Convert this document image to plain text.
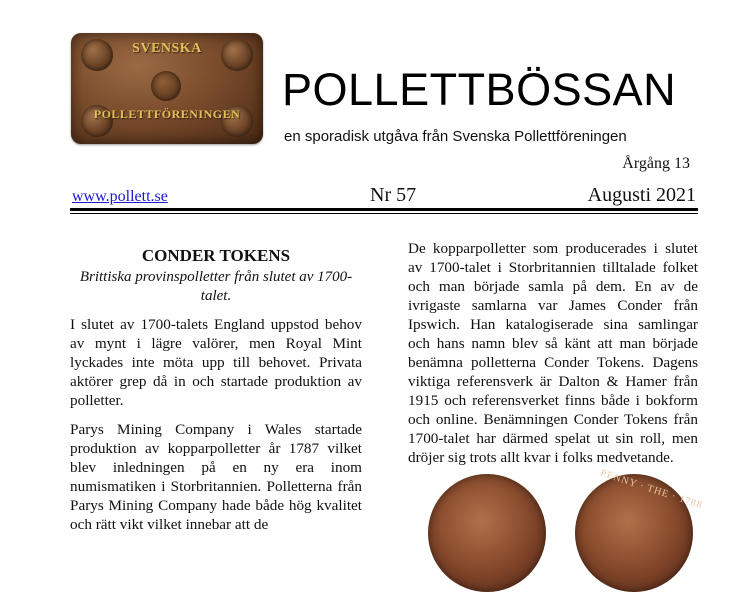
SVENSKA
POLLETTFÖRENINGEN POLLETTBÖSSAN
en sporadisk utgåva från Svenska Pollettföreningen
Årgång 13
www.pollett.se	Nr 57	Augusti 2021
CONDER TOKENS
Brittiska provinspolletter från slutet av 1700-talet.

I slutet av 1700-talets England uppstod behov av mynt i lägre valörer, men Royal Mint lyckades inte möta upp till behovet. Privata aktörer grep då in och startade produktion av polletter.

Parys Mining Company i Wales startade produktion av kopparpolletter år 1787 vilket blev inledningen på en ny era inom numismatiken i Storbritannien. Polletterna från Parys Mining Company hade både hög kvalitet och rätt vikt vilket innebar att de

De kopparpolletter som producerades i slutet av 1700-talet i Storbritannien tilltalade folket och man började samla på dem. En av de ivrigaste samlarna var James Conder från Ipswich. Han katalogiserade sina samlingar och hans namn blev så känt att man började benämna polletterna Conder Tokens. Dagens viktiga referensverk är Dalton & Hamer från 1915 och referensverket finns både i bokform och online. Benämningen Conder Tokens från 1700-talet har därmed spelat ut sin roll, men dröjer sig trots allt kvar i folks medvetande.

PENNY · THE · 1788
